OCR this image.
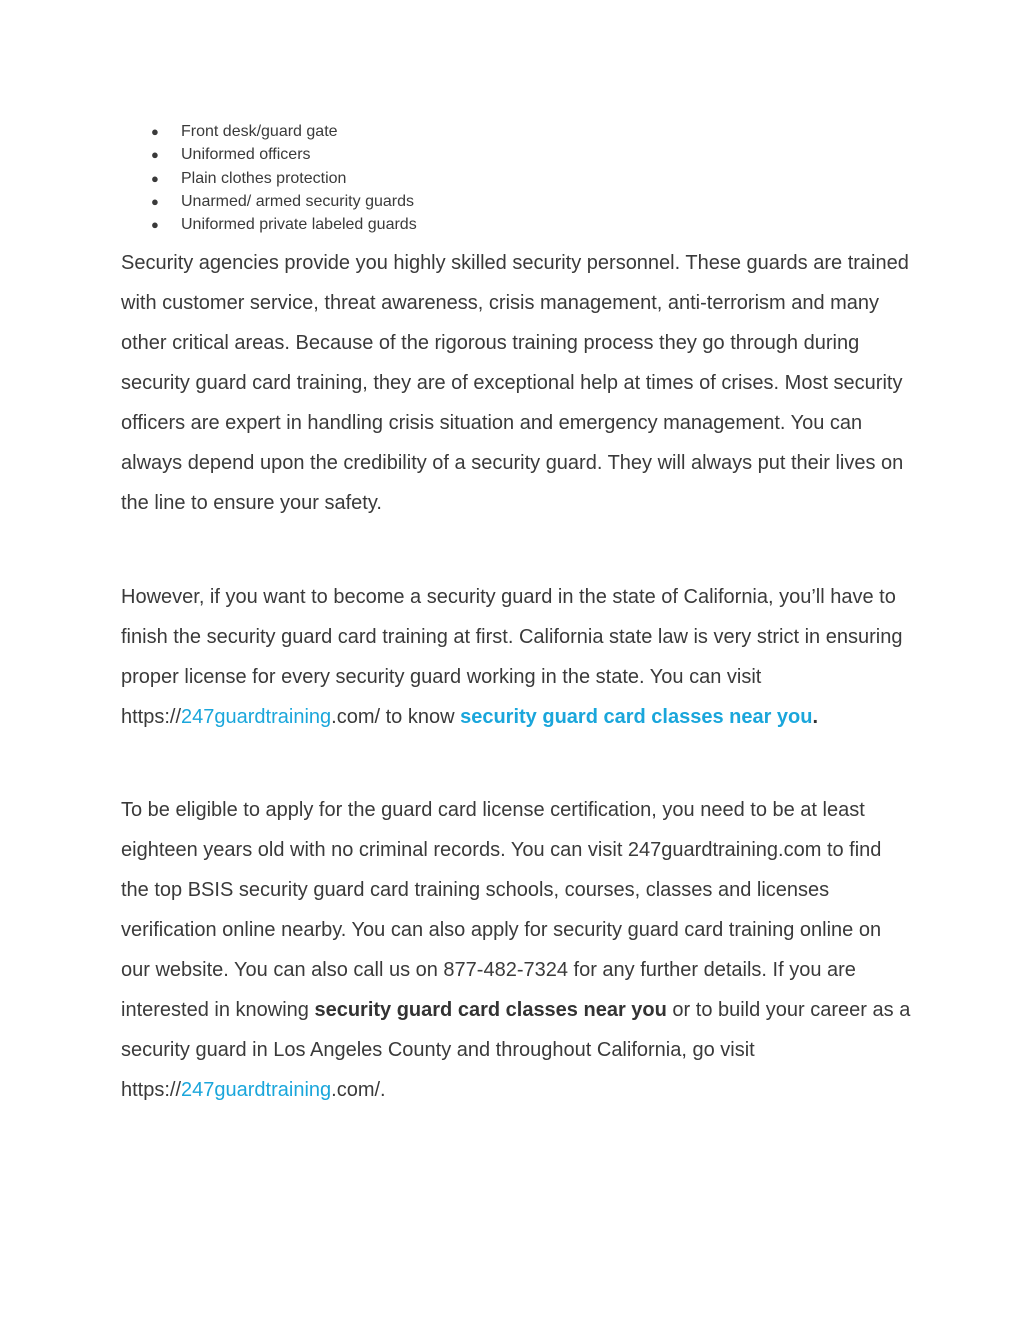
● Front desk/guard gate
● Uniformed officers
● Plain clothes protection
● Unarmed/ armed security guards
● Uniformed private labeled guards

Security agencies provide you highly skilled security personnel. These guards are trained with customer service, threat awareness, crisis management, anti-terrorism and many other critical areas. Because of the rigorous training process they go through during security guard card training, they are of exceptional help at times of crises. Most security officers are expert in handling crisis situation and emergency management. You can always depend upon the credibility of a security guard. They will always put their lives on the line to ensure your safety.

However, if you want to become a security guard in the state of California, you’ll have to finish the security guard card training at first. California state law is very strict in ensuring proper license for every security guard working in the state. You can visit https://247guardtraining.com/ to know security guard card classes near you.

To be eligible to apply for the guard card license certification, you need to be at least eighteen years old with no criminal records. You can visit 247guardtraining.com to find the top BSIS security guard card training schools, courses, classes and licenses verification online nearby. You can also apply for security guard card training online on our website. You can also call us on 877-482-7324 for any further details. If you are interested in knowing security guard card classes near you or to build your career as a security guard in Los Angeles County and throughout California, go visit https://247guardtraining.com/.
